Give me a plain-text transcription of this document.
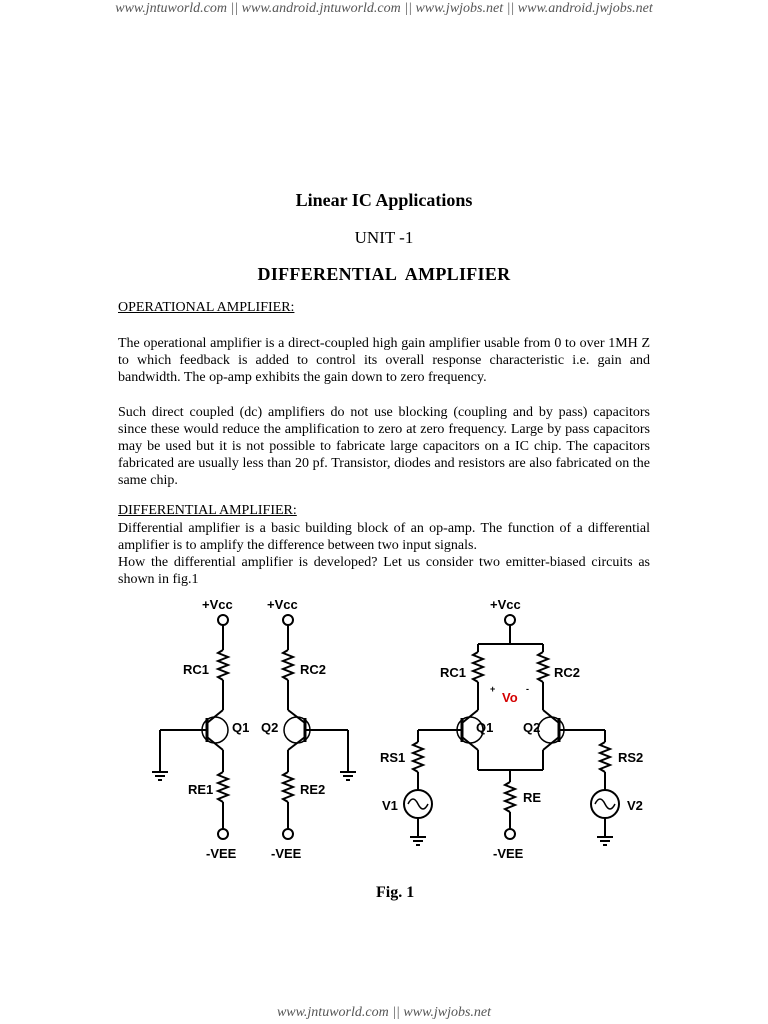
www.jntuworld.com || www.android.jntuworld.com || www.jwjobs.net || www.android.jwjobs.net
Linear IC Applications
UNIT -1
DIFFERENTIAL  AMPLIFIER
OPERATIONAL AMPLIFIER:

The operational amplifier is a direct-coupled high gain amplifier usable from 0 to over 1MH Z to which feedback is added to control its overall response characteristic i.e. gain and bandwidth. The op-amp exhibits the gain down to zero frequency.

Such direct coupled (dc) amplifiers do not use blocking (coupling and by pass) capacitors since these would reduce the amplification to zero at zero frequency. Large by pass capacitors may be used but it is not possible to fabricate large capacitors on a IC chip. The capacitors fabricated are usually less than 20 pf. Transistor, diodes and resistors are also fabricated on the same chip.

DIFFERENTIAL AMPLIFIER:

Differential amplifier is a basic building block of an op-amp. The function of a differential amplifier is to amplify the difference between two input signals.

How the differential amplifier is developed? Let us consider two emitter-biased circuits as shown in fig.1

+Vcc	+Vcc	+Vcc
RC1	RC2	RC1	RC2
Q1 Q2	Q1 Q2
RE1	RE2
RE
-VEE	-VEE	-VEE
RS1	RS2
V1	V2
+	-
Vo
Fig. 1
www.jntuworld.com || www.jwjobs.net
